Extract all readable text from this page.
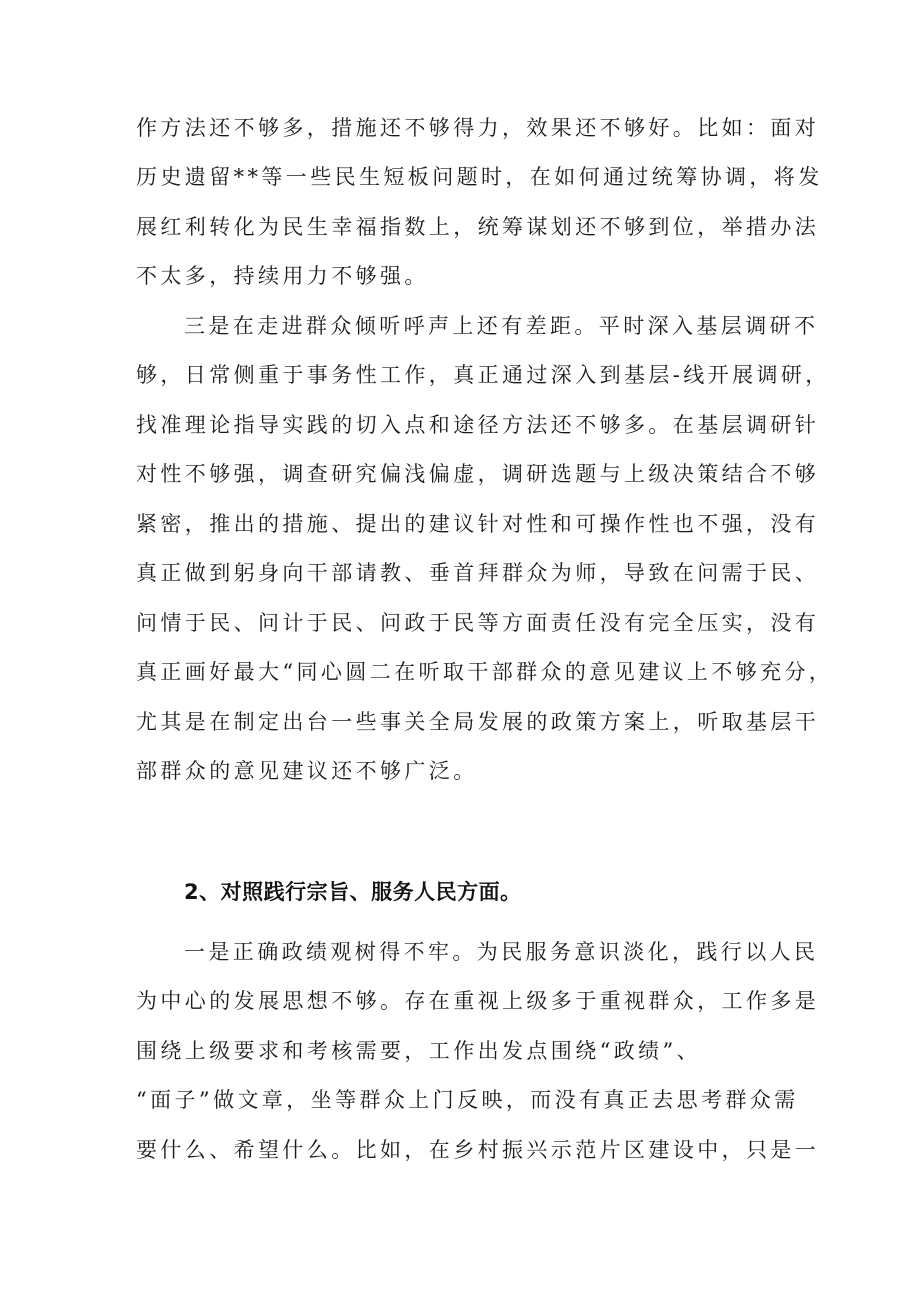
作方法还不够多，措施还不够得力，效果还不够好。比如：面对
历史遗留**等一些民生短板问题时，在如何通过统筹协调，将发
展红利转化为民生幸福指数上，统筹谋划还不够到位，举措办法
不太多，持续用力不够强。
三是在走进群众倾听呼声上还有差距。平时深入基层调研不
够，日常侧重于事务性工作，真正通过深入到基层-线开展调研，
找准理论指导实践的切入点和途径方法还不够多。在基层调研针
对性不够强，调查研究偏浅偏虚，调研选题与上级决策结合不够
紧密，推出的措施、提出的建议针对性和可操作性也不强，没有
真正做到躬身向干部请教、垂首拜群众为师，导致在问需于民、
问情于民、问计于民、问政于民等方面责任没有完全压实，没有
真正画好最大“同心圆二在听取干部群众的意见建议上不够充分，
尤其是在制定出台一些事关全局发展的政策方案上，听取基层干
部群众的意见建议还不够广泛。
2、对照践行宗旨、服务人民方面。
一是正确政绩观树得不牢。为民服务意识淡化，践行以人民
为中心的发展思想不够。存在重视上级多于重视群众，工作多是
围绕上级要求和考核需要，工作出发点围绕“政绩”、
“面子”做文章，坐等群众上门反映，而没有真正去思考群众需
要什么、希望什么。比如，在乡村振兴示范片区建设中，只是一
